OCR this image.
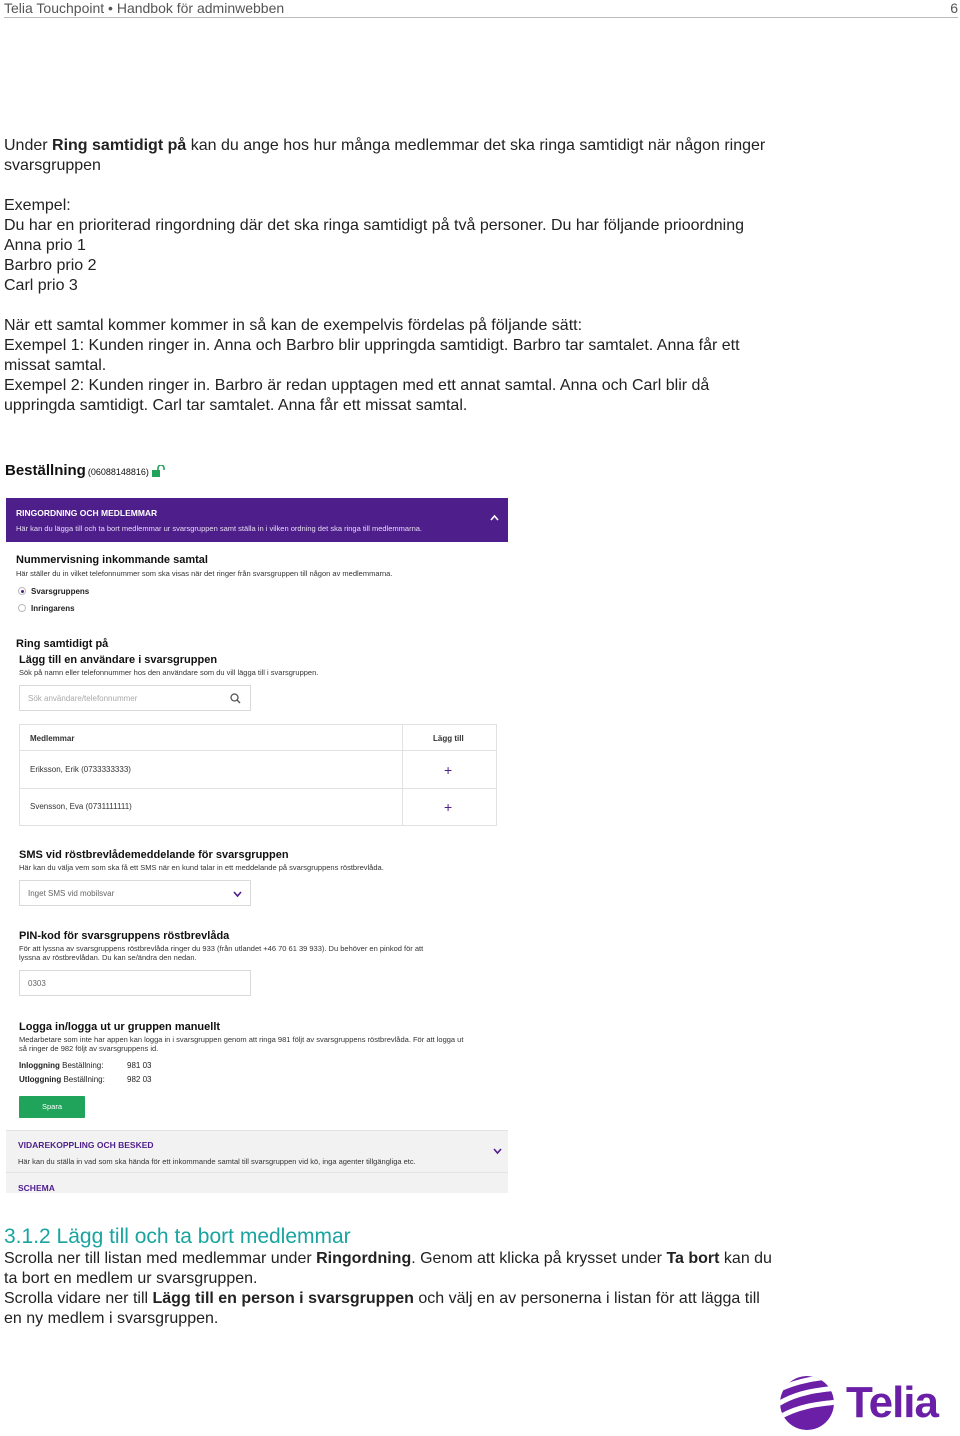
Telia Touchpoint • Handbok för adminwebben	6
Under Ring samtidigt på kan du ange hos hur många medlemmar det ska ringa samtidigt när någon ringer
svarsgruppen
Exempel:
Du har en prioriterad ringordning där det ska ringa samtidigt på två personer. Du har följande prioordning
Anna prio 1
Barbro prio 2
Carl prio 3
När ett samtal kommer kommer in så kan de exempelvis fördelas på följande sätt:
Exempel 1: Kunden ringer in. Anna och Barbro blir uppringda samtidigt. Barbro tar samtalet. Anna får ett
missat samtal.
Exempel 2: Kunden ringer in. Barbro är redan upptagen med ett annat samtal. Anna och Carl blir då
uppringda samtidigt. Carl tar samtalet. Anna får ett missat samtal.
Beställning (06088148816)
RINGORDNING OCH MEDLEMMAR
Här kan du lägga till och ta bort medlemmar ur svarsgruppen samt ställa in i vilken ordning det ska ringa till medlemmarna.
Nummervisning inkommande samtal
Här ställer du in vilket telefonnummer som ska visas när det ringer från svarsgruppen till någon av medlemmarna.
Svarsgruppens
Inringarens
Ring samtidigt på
Lägg till en användare i svarsgruppen
Sök på namn eller telefonnummer hos den användare som du vill lägga till i svarsgruppen.
Sök användare/telefonnummer
Medlemmar	Lägg till
Eriksson, Erik (0733333333)	+
Svensson, Eva (0731111111)	+
SMS vid röstbrevlådemeddelande för svarsgruppen
Här kan du välja vem som ska få ett SMS när en kund talar in ett meddelande på svarsgruppens röstbrevlåda.
Inget SMS vid mobilsvar
PIN-kod för svarsgruppens röstbrevlåda
För att lyssna av svarsgruppens röstbrevlåda ringer du 933 (från utlandet +46 70 61 39 933). Du behöver en pinkod för att
lyssna av röstbrevlådan. Du kan se/ändra den nedan.
0303
Logga in/logga ut ur gruppen manuellt
Medarbetare som inte har appen kan logga in i svarsgruppen genom att ringa 981 följt av svarsgruppens röstbrevlåda. För att logga ut
så ringer de 982 följt av svarsgruppens id.
Inloggning Beställning:	981 03
Utloggning Beställning:	982 03
Spara
VIDAREKOPPLING OCH BESKED
Här kan du ställa in vad som ska hända för ett inkommande samtal till svarsgruppen vid kö, inga agenter tillgängliga etc.
SCHEMA
3.1.2 Lägg till och ta bort medlemmar
Scrolla ner till listan med medlemmar under Ringordning. Genom att klicka på krysset under Ta bort kan du
ta bort en medlem ur svarsgruppen.
Scrolla vidare ner till Lägg till en person i svarsgruppen och välj en av personerna i listan för att lägga till
en ny medlem i svarsgruppen.
Telia
